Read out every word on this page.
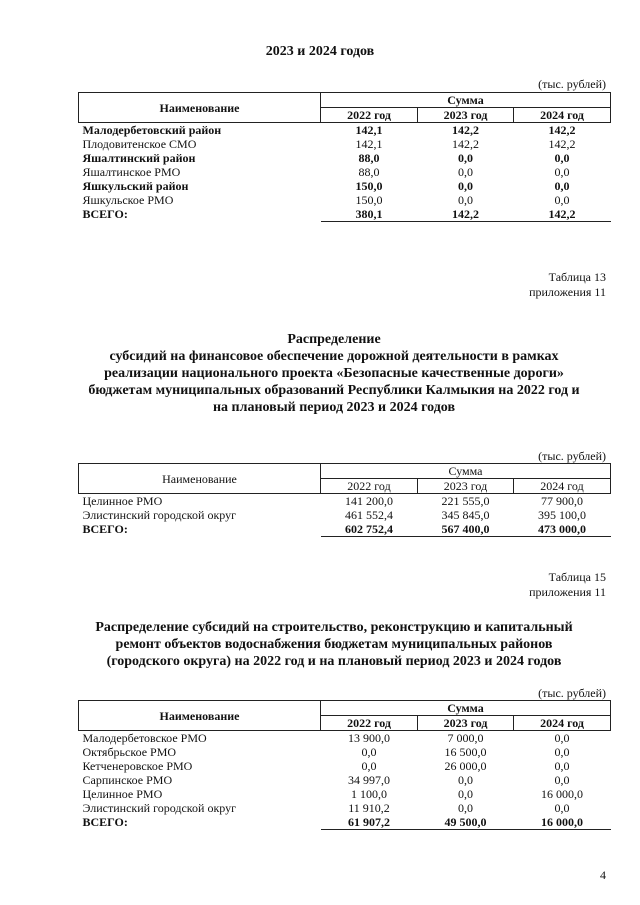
2023 и 2024 годов
(тыс. рублей)
Наименование	Сумма		
	2022 год	2023 год	2024 год
Малодербетовский район	142,1	142,2	142,2
Плодовитенское СМО	142,1	142,2	142,2
Яшалтинский район	88,0	0,0	0,0
Яшалтинское РМО	88,0	0,0	0,0
Яшкульский район	150,0	0,0	0,0
Яшкульское РМО	150,0	0,0	0,0
ВСЕГО:	380,1	142,2	142,2
Таблица 13
приложения 11
Распределение
субсидий на финансовое обеспечение дорожной деятельности в рамках
реализации национального проекта «Безопасные качественные дороги»
бюджетам муниципальных образований Республики Калмыкия на 2022 год и
на плановый период 2023 и 2024 годов
(тыс. рублей)
Наименование	Сумма		
	2022 год	2023 год	2024 год
Целинное РМО	141 200,0	221 555,0	77 900,0
Элистинский городской округ	461 552,4	345 845,0	395 100,0
ВСЕГО:	602 752,4	567 400,0	473 000,0
Таблица 15
приложения 11
Распределение субсидий на строительство, реконструкцию и капитальный
ремонт объектов водоснабжения бюджетам муниципальных районов
(городского округа) на 2022 год и на плановый период 2023 и 2024 годов
(тыс. рублей)
Наименование	Сумма		
	2022 год	2023 год	2024 год
Малодербетовское РМО	13 900,0	7 000,0	0,0
Октябрьское РМО	0,0	16 500,0	0,0
Кетченеровское РМО	0,0	26 000,0	0,0
Сарпинское РМО	34 997,0	0,0	0,0
Целинное РМО	1 100,0	0,0	16 000,0
Элистинский городской округ	11 910,2	0,0	0,0
ВСЕГО:	61 907,2	49 500,0	16 000,0
4
